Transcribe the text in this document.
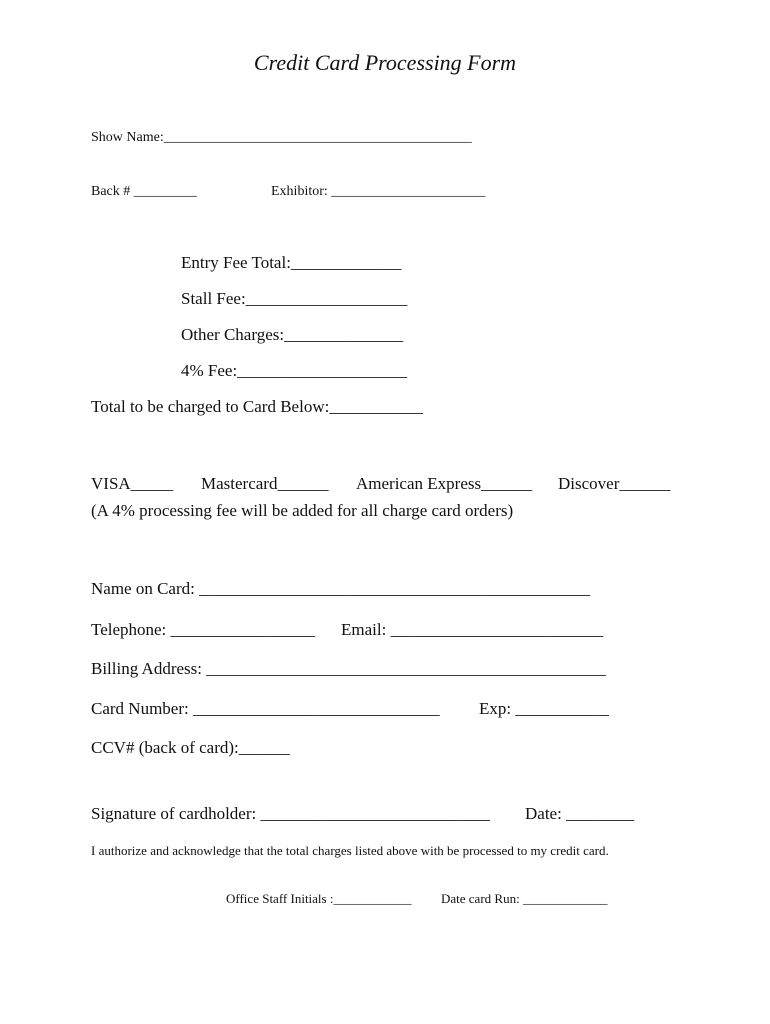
Credit Card Processing Form
Show Name:____________________________________________
Back # _________	Exhibitor: ______________________
Entry Fee Total:_____________
Stall Fee:___________________
Other Charges:______________
4% Fee:____________________
Total to be charged to Card Below:___________
VISA_____ Mastercard______ American Express______ Discover______
(A 4% processing fee will be added for all charge card orders)
Name on Card: ______________________________________________
Telephone: _________________ Email: _________________________
Billing Address: _______________________________________________
Card Number: _____________________________ Exp: ___________
CCV# (back of card):______
Signature of cardholder: ___________________________ Date: ________
I authorize and acknowledge that the total charges listed above with be processed to my credit card.
Office Staff Initials :____________ Date card Run: _____________
